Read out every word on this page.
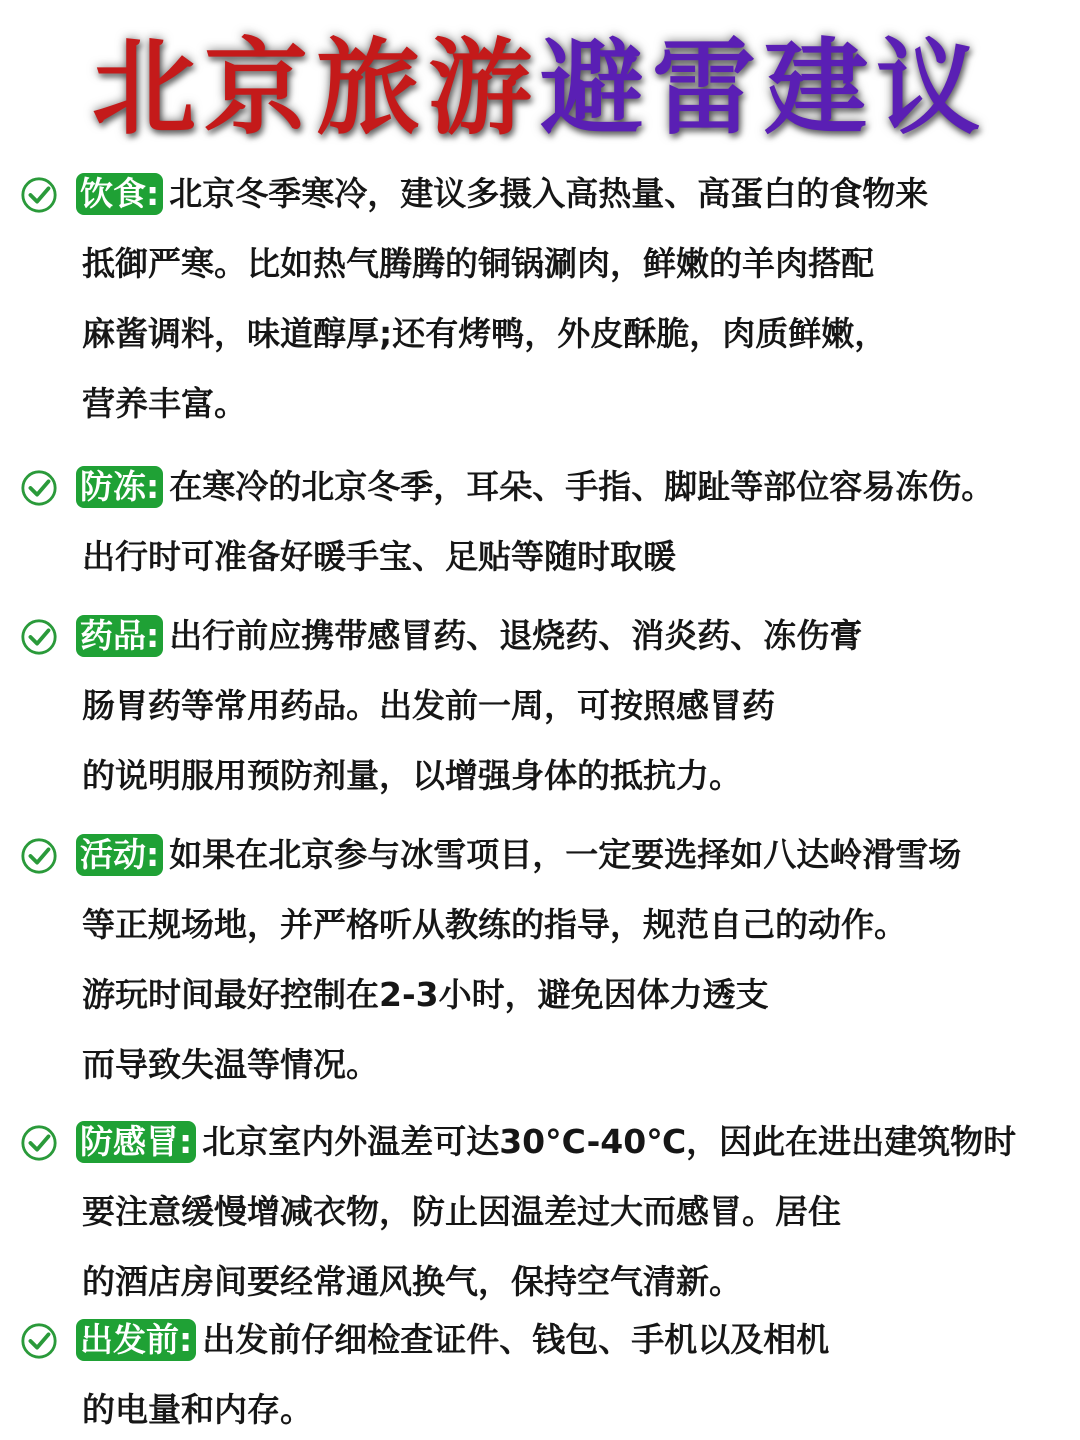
北京旅游避雷建议
饮食: 北京冬季寒冷，建议多摄入高热量、高蛋白的食物来
抵御严寒。比如热气腾腾的铜锅涮肉，鲜嫩的羊肉搭配
麻酱调料，味道醇厚;还有烤鸭，外皮酥脆，肉质鲜嫩，
营养丰富。
防冻: 在寒冷的北京冬季，耳朵、手指、脚趾等部位容易冻伤。
出行时可准备好暖手宝、足贴等随时取暖
药品: 出行前应携带感冒药、退烧药、消炎药、冻伤膏
肠胃药等常用药品。出发前一周，可按照感冒药
的说明服用预防剂量，以增强身体的抵抗力。
活动: 如果在北京参与冰雪项目，一定要选择如八达岭滑雪场
等正规场地，并严格听从教练的指导，规范自己的动作。
游玩时间最好控制在2-3小时，避免因体力透支
而导致失温等情况。
防感冒: 北京室内外温差可达30°C-40℃，因此在进出建筑物时
要注意缓慢增减衣物，防止因温差过大而感冒。居住
的酒店房间要经常通风换气，保持空气清新。
出发前: 出发前仔细检查证件、钱包、手机以及相机
的电量和内存。
